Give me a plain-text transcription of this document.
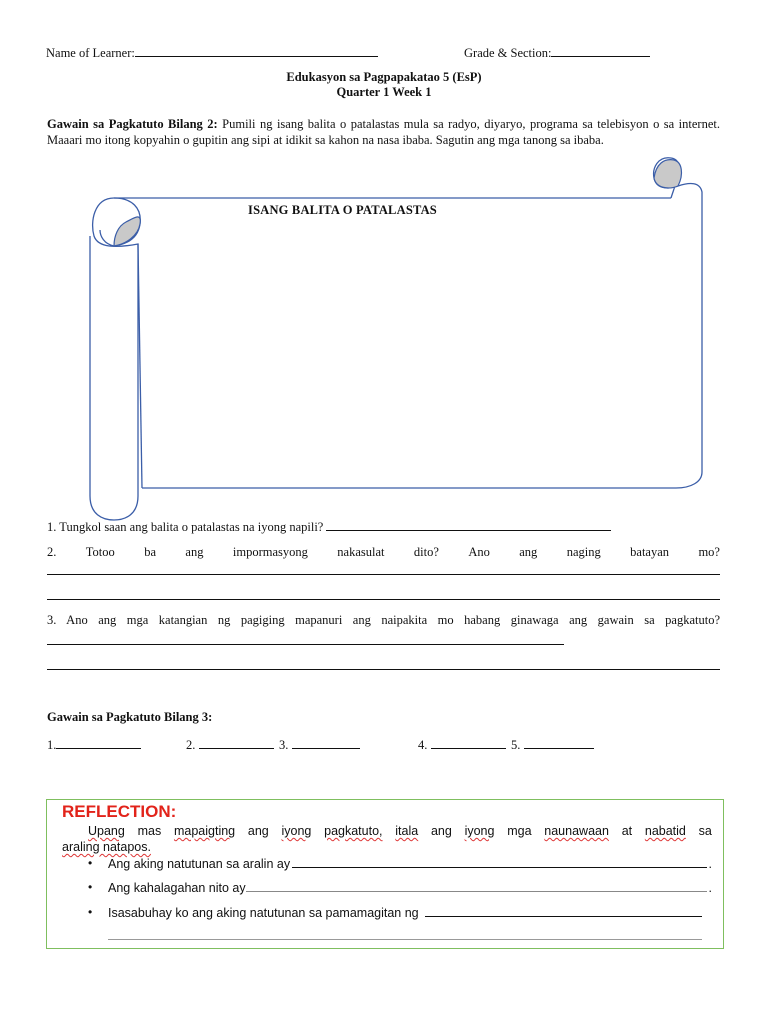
Name of Learner:	Grade & Section:
Edukasyon sa Pagpapakatao 5 (EsP)
Quarter 1 Week 1
Gawain sa Pagkatuto Bilang 2: Pumili ng isang balita o patalastas mula sa radyo, diyaryo, programa sa telebisyon o sa internet. Maaari mo itong kopyahin o gupitin ang sipi at idikit sa kahon na nasa ibaba. Sagutin ang mga tanong sa ibaba.
ISANG BALITA O PATALASTAS
1. Tungkol saan ang balita o patalastas na iyong napili?
2. Totoo ba ang impormasyong nakasulat dito? Ano ang naging batayan mo?
3. Ano ang mga katangian ng pagiging mapanuri ang naipakita mo habang ginawaga ang gawain sa pagkatuto?
Gawain sa Pagkatuto Bilang 3:
1.	2.	3.	4.	5.
REFLECTION:
Upang mas mapaigting ang iyong pagkatuto, itala ang iyong mga naunawaan at nabatid sa
araling natapos.
• Ang aking natutunan sa aralin ay	.
• Ang kahalagahan nito ay	.
• Isasabuhay ko ang aking natutunan sa pamamagitan ng
